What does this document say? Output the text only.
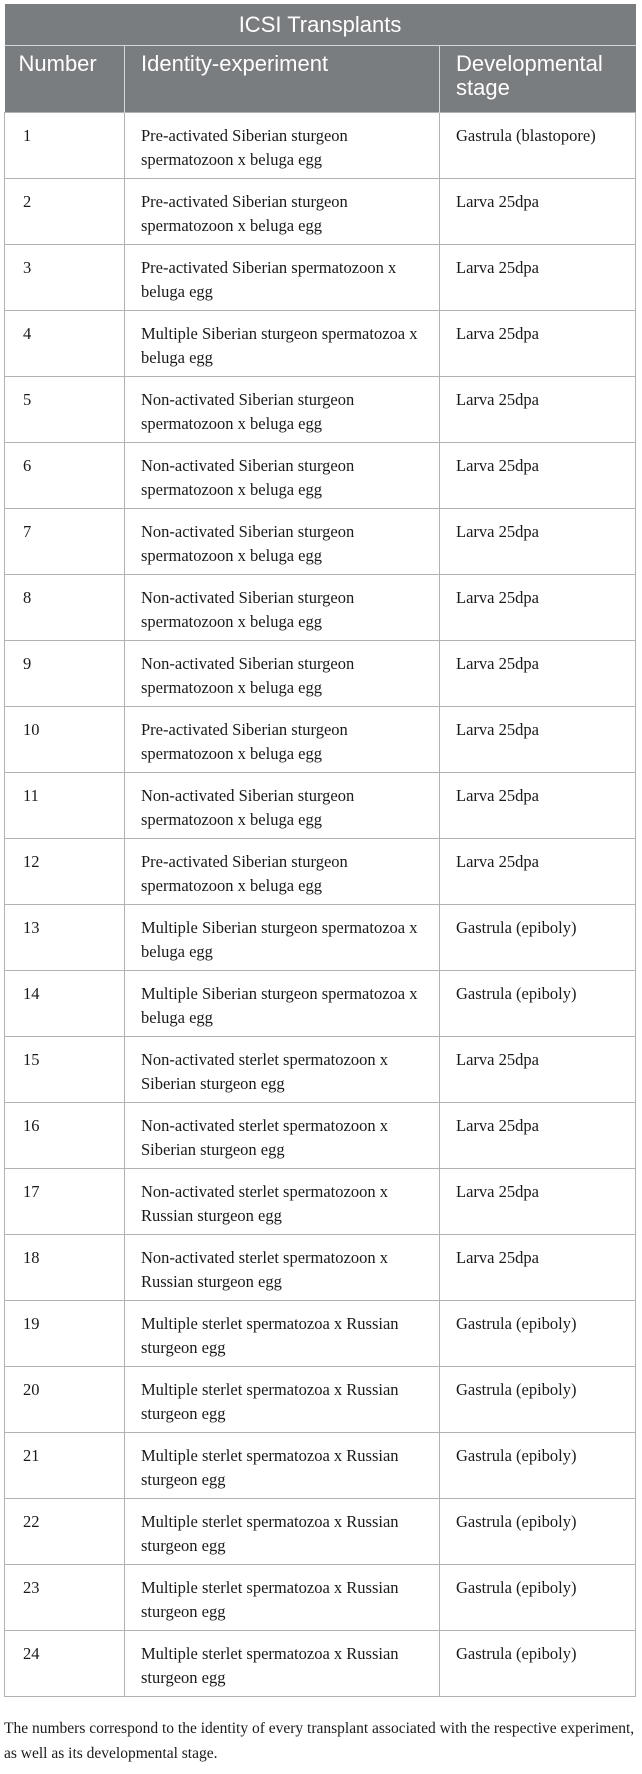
ICSI Transplants		
Number	Identity-experiment	Developmental stage
1	Pre-activated Siberian sturgeon spermatozoon x beluga egg	Gastrula (blastopore)
2	Pre-activated Siberian sturgeon spermatozoon x beluga egg	Larva 25dpa
3	Pre-activated Siberian spermatozoon x beluga egg	Larva 25dpa
4	Multiple Siberian sturgeon spermatozoa x beluga egg	Larva 25dpa
5	Non-activated Siberian sturgeon spermatozoon x beluga egg	Larva 25dpa
6	Non-activated Siberian sturgeon spermatozoon x beluga egg	Larva 25dpa
7	Non-activated Siberian sturgeon spermatozoon x beluga egg	Larva 25dpa
8	Non-activated Siberian sturgeon spermatozoon x beluga egg	Larva 25dpa
9	Non-activated Siberian sturgeon spermatozoon x beluga egg	Larva 25dpa
10	Pre-activated Siberian sturgeon spermatozoon x beluga egg	Larva 25dpa
11	Non-activated Siberian sturgeon spermatozoon x beluga egg	Larva 25dpa
12	Pre-activated Siberian sturgeon spermatozoon x beluga egg	Larva 25dpa
13	Multiple Siberian sturgeon spermatozoa x beluga egg	Gastrula (epiboly)
14	Multiple Siberian sturgeon spermatozoa x beluga egg	Gastrula (epiboly)
15	Non-activated sterlet spermatozoon x Siberian sturgeon egg	Larva 25dpa
16	Non-activated sterlet spermatozoon x Siberian sturgeon egg	Larva 25dpa
17	Non-activated sterlet spermatozoon x Russian sturgeon egg	Larva 25dpa
18	Non-activated sterlet spermatozoon x Russian sturgeon egg	Larva 25dpa
19	Multiple sterlet spermatozoa x Russian sturgeon egg	Gastrula (epiboly)
20	Multiple sterlet spermatozoa x Russian sturgeon egg	Gastrula (epiboly)
21	Multiple sterlet spermatozoa x Russian sturgeon egg	Gastrula (epiboly)
22	Multiple sterlet spermatozoa x Russian sturgeon egg	Gastrula (epiboly)
23	Multiple sterlet spermatozoa x Russian sturgeon egg	Gastrula (epiboly)
24	Multiple sterlet spermatozoa x Russian sturgeon egg	Gastrula (epiboly)
The numbers correspond to the identity of every transplant associated with the respective experiment, as well as its developmental stage.
